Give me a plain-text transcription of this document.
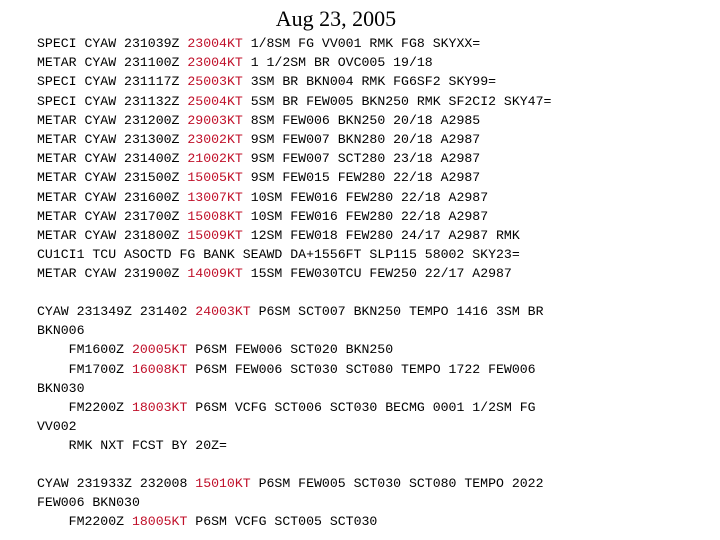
Aug 23, 2005
SPECI CYAW 231039Z 23004KT 1/8SM FG VV001 RMK FG8 SKYXX=
METAR CYAW 231100Z 23004KT 1 1/2SM BR OVC005 19/18
SPECI CYAW 231117Z 25003KT 3SM BR BKN004 RMK FG6SF2 SKY99=
SPECI CYAW 231132Z 25004KT 5SM BR FEW005 BKN250 RMK SF2CI2 SKY47=
METAR CYAW 231200Z 29003KT 8SM FEW006 BKN250 20/18 A2985
METAR CYAW 231300Z 23002KT 9SM FEW007 BKN280 20/18 A2987
METAR CYAW 231400Z 21002KT 9SM FEW007 SCT280 23/18 A2987
METAR CYAW 231500Z 15005KT 9SM FEW015 FEW280 22/18 A2987
METAR CYAW 231600Z 13007KT 10SM FEW016 FEW280 22/18 A2987
METAR CYAW 231700Z 15008KT 10SM FEW016 FEW280 22/18 A2987
METAR CYAW 231800Z 15009KT 12SM FEW018 FEW280 24/17 A2987 RMK
CU1CI1 TCU ASOCTD FG BANK SEAWD DA+1556FT SLP115 58002 SKY23=
METAR CYAW 231900Z 14009KT 15SM FEW030TCU FEW250 22/17 A2987
CYAW 231349Z 231402 24003KT P6SM SCT007 BKN250 TEMPO 1416 3SM BR
BKN006
FM1600Z 20005KT P6SM FEW006 SCT020 BKN250
FM1700Z 16008KT P6SM FEW006 SCT030 SCT080 TEMPO 1722 FEW006
BKN030
FM2200Z 18003KT P6SM VCFG SCT006 SCT030 BECMG 0001 1/2SM FG
VV002
RMK NXT FCST BY 20Z=
CYAW 231933Z 232008 15010KT P6SM FEW005 SCT030 SCT080 TEMPO 2022
FEW006 BKN030
FM2200Z 18005KT P6SM VCFG SCT005 SCT030
